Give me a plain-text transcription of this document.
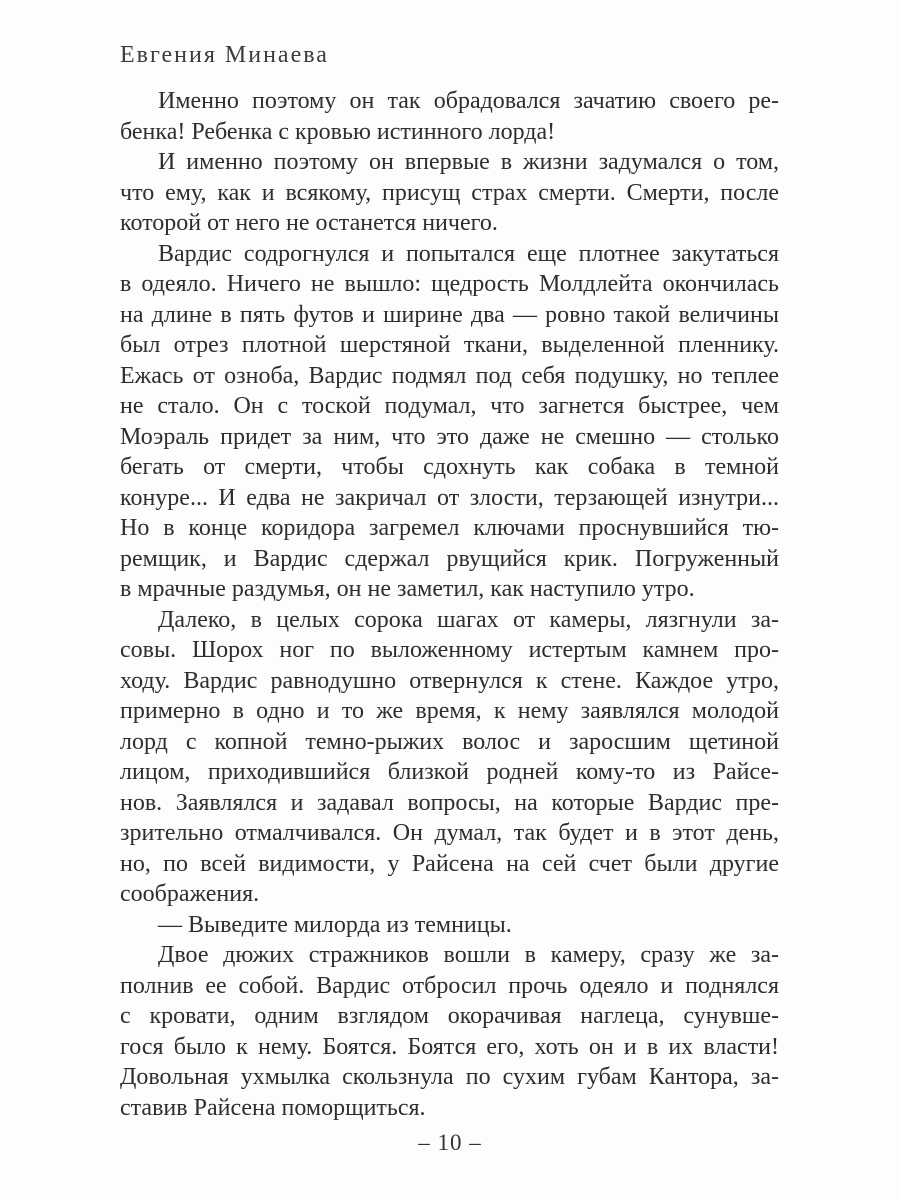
Евгения Минаева
Именно поэтому он так обрадовался зачатию своего ре-
бенка! Ребенка с кровью истинного лорда!
И именно поэтому он впервые в жизни задумался о том,
что ему, как и всякому, присущ страх смерти. Смерти, после
которой от него не останется ничего.
Вардис содрогнулся и попытался еще плотнее закутаться
в одеяло. Ничего не вышло: щедрость Молдлейта окончилась
на длине в пять футов и ширине два — ровно такой величины
был отрез плотной шерстяной ткани, выделенной пленнику.
Ежась от озноба, Вардис подмял под себя подушку, но теплее
не стало. Он с тоской подумал, что загнется быстрее, чем
Моэраль придет за ним, что это даже не смешно — столько
бегать от смерти, чтобы сдохнуть как собака в темной
конуре... И едва не закричал от злости, терзающей изнутри...
Но в конце коридора загремел ключами проснувшийся тю-
ремщик, и Вардис сдержал рвущийся крик. Погруженный
в мрачные раздумья, он не заметил, как наступило утро.
Далеко, в целых сорока шагах от камеры, лязгнули за-
совы. Шорох ног по выложенному истертым камнем про-
ходу. Вардис равнодушно отвернулся к стене. Каждое утро,
примерно в одно и то же время, к нему заявлялся молодой
лорд с копной темно-рыжих волос и заросшим щетиной
лицом, приходившийся близкой родней кому-то из Райсе-
нов. Заявлялся и задавал вопросы, на которые Вардис пре-
зрительно отмалчивался. Он думал, так будет и в этот день,
но, по всей видимости, у Райсена на сей счет были другие
соображения.
— Выведите милорда из темницы.
Двое дюжих стражников вошли в камеру, сразу же за-
полнив ее собой. Вардис отбросил прочь одеяло и поднялся
с кровати, одним взглядом окорачивая наглеца, сунувше-
гося было к нему. Боятся. Боятся его, хоть он и в их власти!
Довольная ухмылка скользнула по сухим губам Кантора, за-
ставив Райсена поморщиться.
– 10 –
